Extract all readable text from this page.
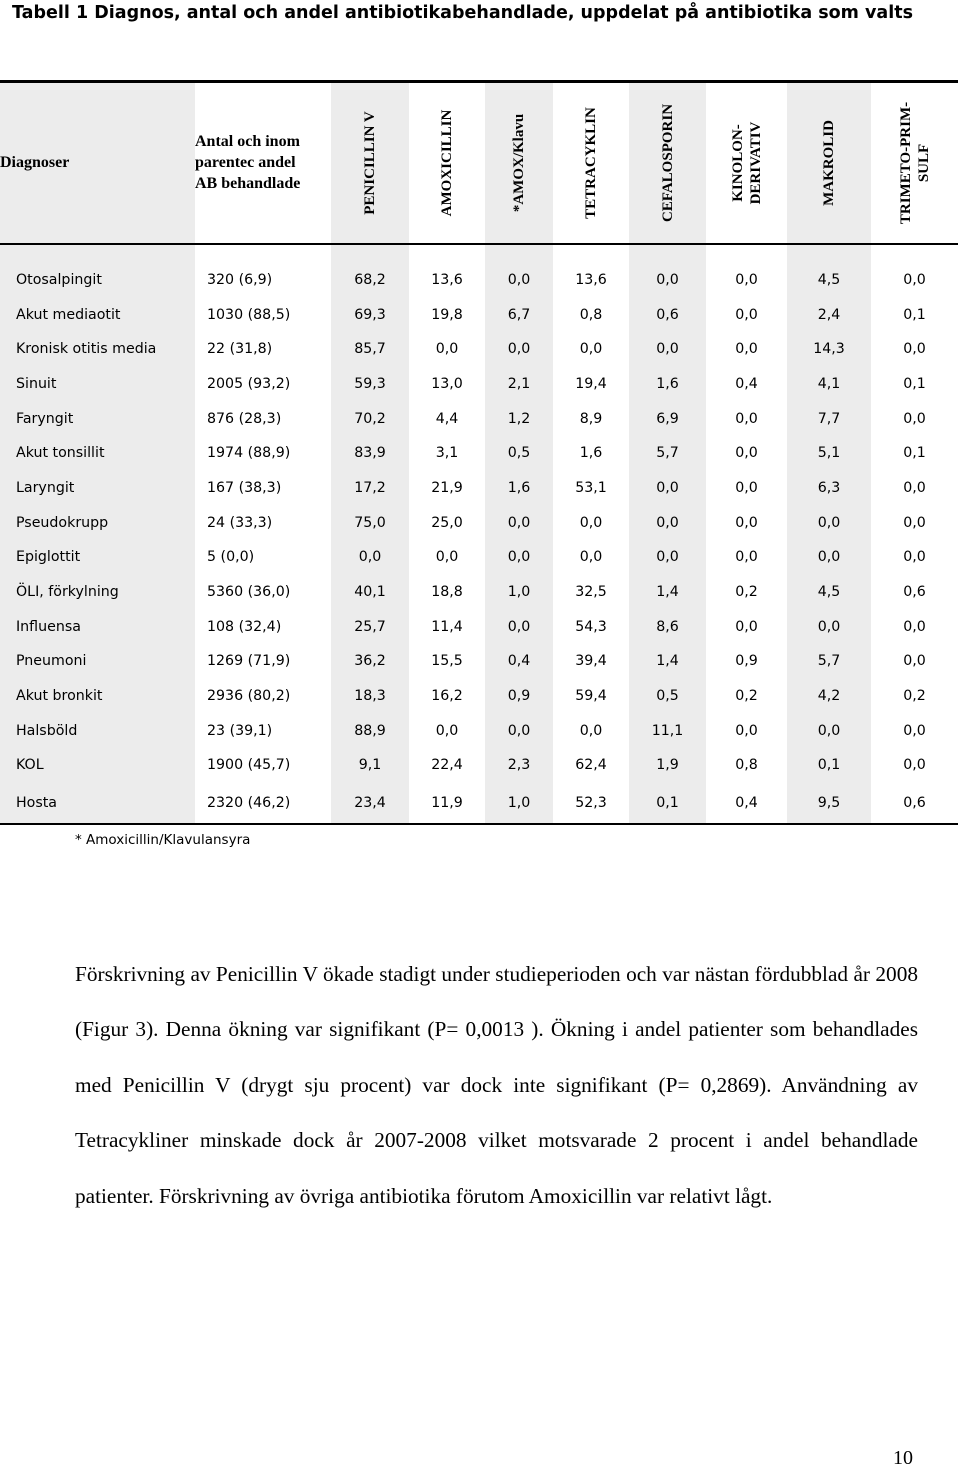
Tabell 1 Diagnos, antal och andel antibiotikabehandlade, uppdelat på antibiotika som valts
Diagnoser	Antal och inom parentec andel AB behandlade	PENICILLIN V	AMOXICILLIN	*AMOX/Klavu	TETRACYKLIN	CEFALOSPORIN	KINOLON- DERIVATIV	MAKROLID	TRIMETO-PRIM- SULF

Otosalpingit	320 (6,9)	68,2	13,6	0,0	13,6	0,0	0,0	4,5	0,0
Akut mediaotit	1030 (88,5)	69,3	19,8	6,7	0,8	0,6	0,0	2,4	0,1
Kronisk otitis media	22 (31,8)	85,7	0,0	0,0	0,0	0,0	0,0	14,3	0,0
Sinuit	2005 (93,2)	59,3	13,0	2,1	19,4	1,6	0,4	4,1	0,1
Faryngit	876 (28,3)	70,2	4,4	1,2	8,9	6,9	0,0	7,7	0,0
Akut tonsillit	1974 (88,9)	83,9	3,1	0,5	1,6	5,7	0,0	5,1	0,1
Laryngit	167 (38,3)	17,2	21,9	1,6	53,1	0,0	0,0	6,3	0,0
Pseudokrupp	24 (33,3)	75,0	25,0	0,0	0,0	0,0	0,0	0,0	0,0
Epiglottit	5 (0,0)	0,0	0,0	0,0	0,0	0,0	0,0	0,0	0,0
ÖLI, förkylning	5360 (36,0)	40,1	18,8	1,0	32,5	1,4	0,2	4,5	0,6
Influensa	108 (32,4)	25,7	11,4	0,0	54,3	8,6	0,0	0,0	0,0
Pneumoni	1269 (71,9)	36,2	15,5	0,4	39,4	1,4	0,9	5,7	0,0
Akut bronkit	2936 (80,2)	18,3	16,2	0,9	59,4	0,5	0,2	4,2	0,2
Halsböld	23 (39,1)	88,9	0,0	0,0	0,0	11,1	0,0	0,0	0,0
KOL	1900 (45,7)	9,1	22,4	2,3	62,4	1,9	0,8	0,1	0,0
Hosta	2320 (46,2)	23,4	11,9	1,0	52,3	0,1	0,4	9,5	0,6
* Amoxicillin/Klavulansyra

Förskrivning av Penicillin V ökade stadigt under studieperioden och var nästan fördubblad år 2008 (Figur 3). Denna ökning var signifikant (P= 0,0013 ). Ökning i andel patienter som behandlades med Penicillin V (drygt sju procent) var dock inte signifikant (P= 0,2869). Användning av Tetracykliner minskade dock år 2007-2008 vilket motsvarade 2 procent i andel behandlade patienter. Förskrivning av övriga antibiotika förutom Amoxicillin var relativt lågt.

10
